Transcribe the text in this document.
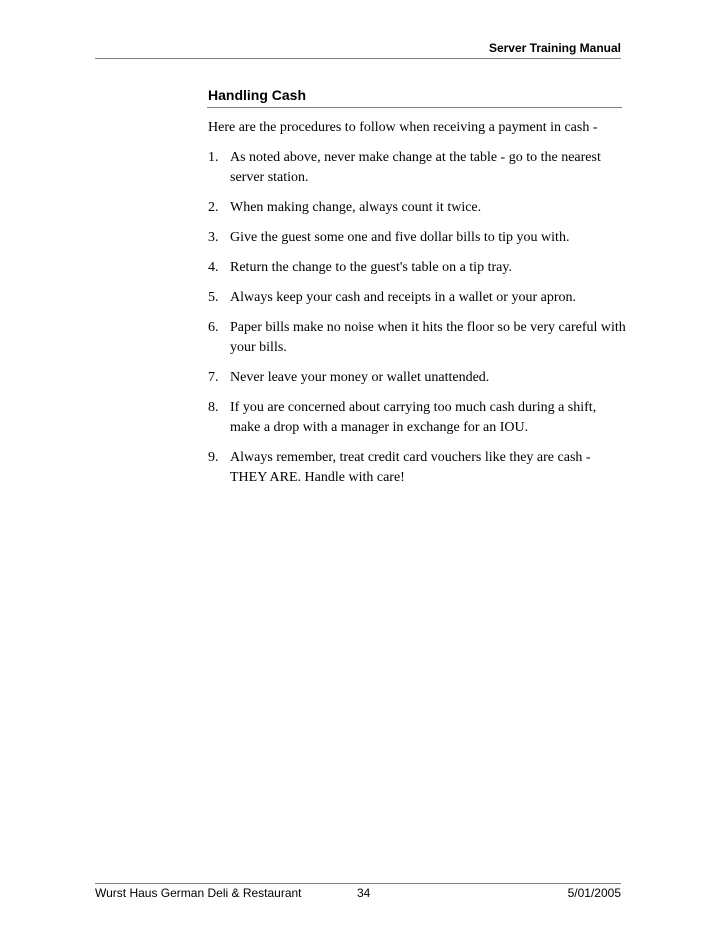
Server Training Manual
Handling Cash

Here are the procedures to follow when receiving a payment in cash -

1. As noted above, never make change at the table - go to the nearest server station.
2. When making change, always count it twice.
3. Give the guest some one and five dollar bills to tip you with.
4. Return the change to the guest's table on a tip tray.
5. Always keep your cash and receipts in a wallet or your apron.
6. Paper bills make no noise when it hits the floor so be very careful with your bills.
7. Never leave your money or wallet unattended.
8. If you are concerned about carrying too much cash during a shift, make a drop with a manager in exchange for an IOU.
9. Always remember, treat credit card vouchers like they are cash - THEY ARE. Handle with care!
Wurst Haus German Deli & Restaurant	34	5/01/2005
